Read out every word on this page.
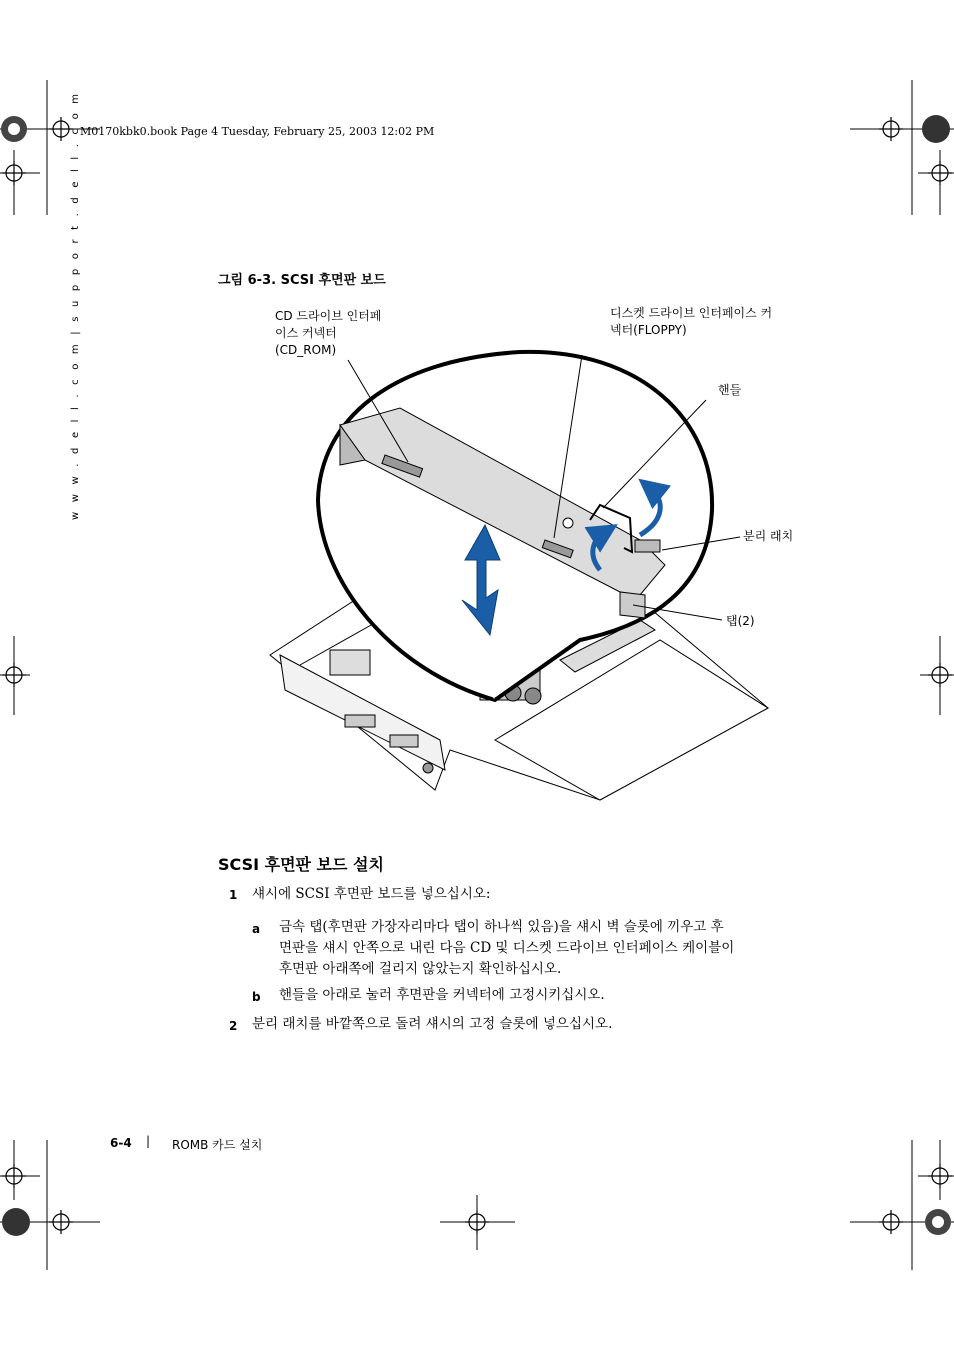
M0170kbk0.book Page 4 Tuesday, February 25, 2003 12:02 PM
w w w . d e l l . c o m | s u p p o r t . d e l l . c o m	그림 6-3. SCSI 후면판 보드
CD 드라이브 인터페
이스 커넥터
(CD_ROM)
디스켓 드라이브 인터페이스 커
넥터(FLOPPY)
핸들
분리 래치
탭(2)
SCSI 후면판 보드 설치
1 섀시에 SCSI 후면판 보드를 넣으십시오:
a 금속 탭(후면판 가장자리마다 탭이 하나씩 있음)을 섀시 벽 슬롯에 끼우고 후
면판을 섀시 안쪽으로 내린 다음 CD 및 디스켓 드라이브 인터페이스 케이블이
후면판 아래쪽에 걸리지 않았는지 확인하십시오.
b 핸들을 아래로 눌러 후면판을 커넥터에 고정시키십시오.
2 분리 래치를 바깥쪽으로 돌려 섀시의 고정 슬롯에 넣으십시오.
6-4 | ROMB 카드 설치
